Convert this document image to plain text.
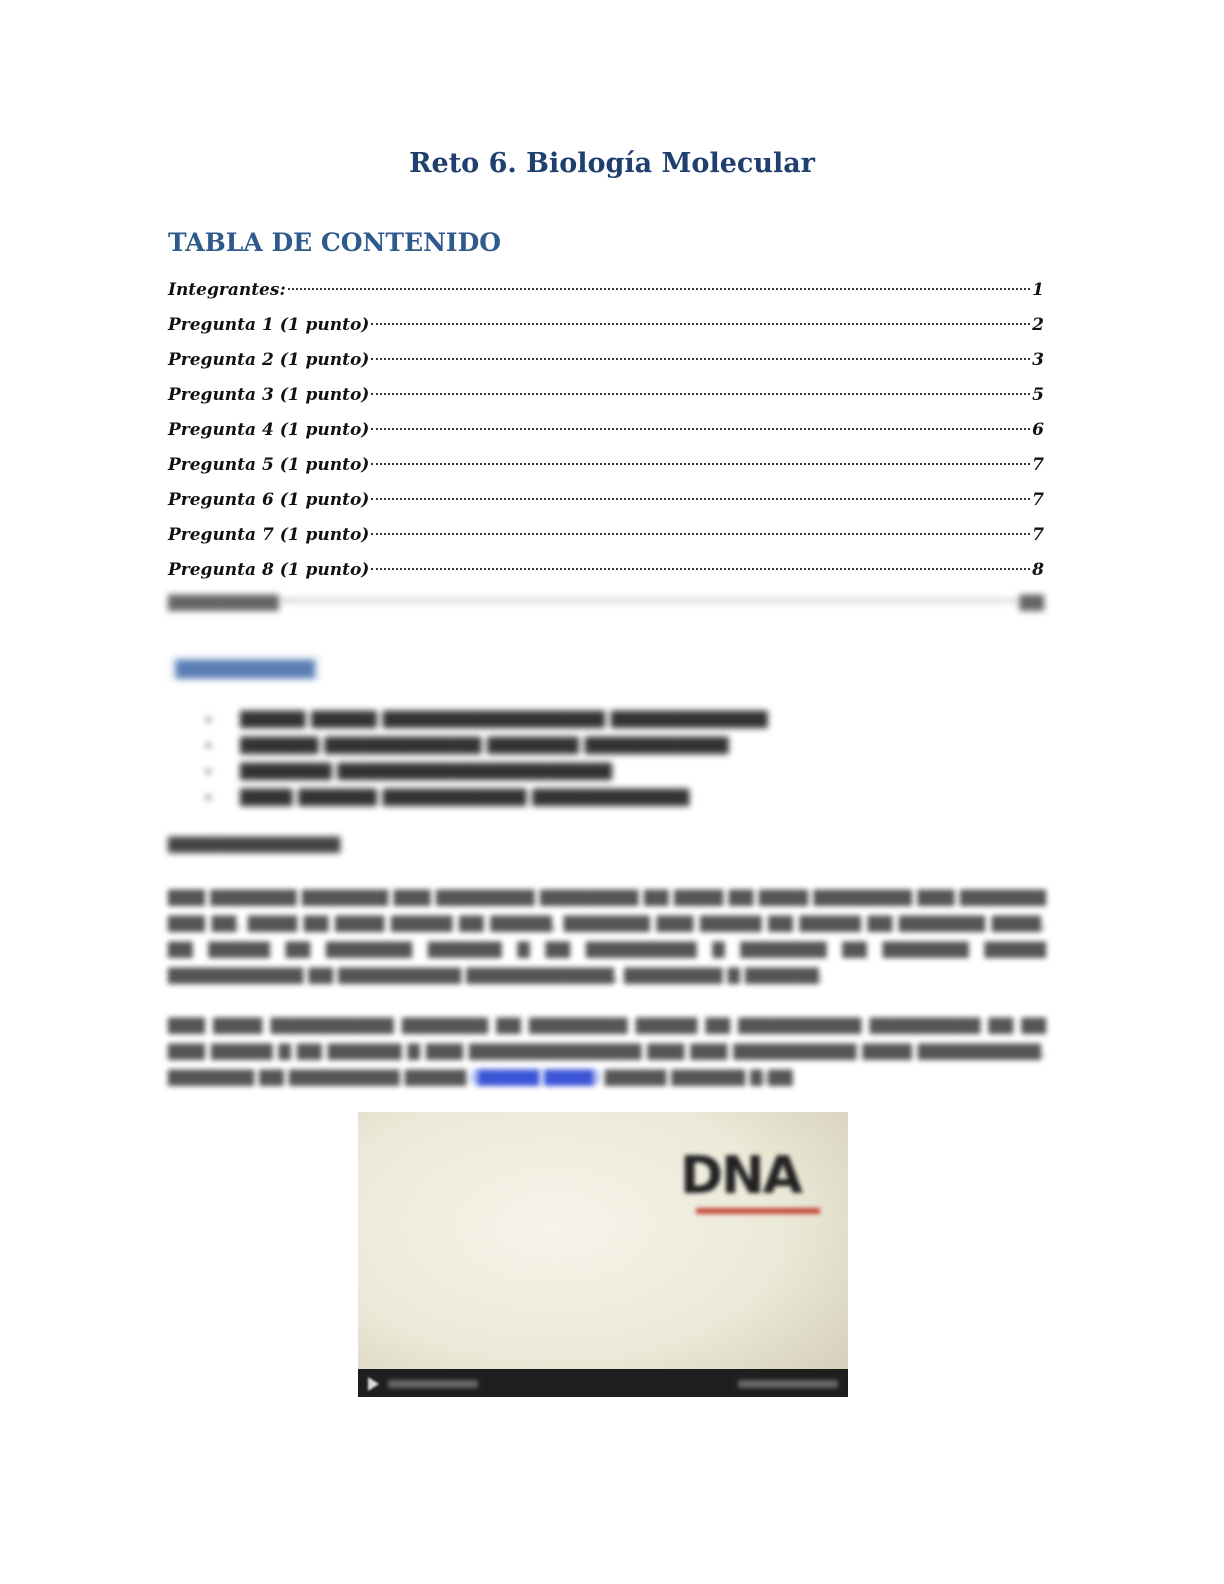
Reto 6. Biología Molecular
TABLA DE CONTENIDO
Integrantes:	1
Pregunta 1 (1 punto)	2
Pregunta 2 (1 punto)	3
Pregunta 3 (1 punto)	5
Pregunta 4 (1 punto)	6
Pregunta 5 (1 punto)	7
Pregunta 6 (1 punto)	7
Pregunta 7 (1 punto)	7
Pregunta 8 (1 punto)	8
▇▇▇▇▇▇▇▇▇	▇▇
▇▇▇▇▇▇▇▇▇▇
▇▇▇▇▇ ▇▇▇▇▇ ▇▇▇▇▇▇▇▇▇▇▇▇▇▇▇▇▇ ▇▇▇▇▇▇▇▇▇▇▇▇
▇▇▇▇▇▇ ▇▇▇▇▇▇▇▇▇▇▇▇ ▇▇▇▇▇▇▇ ▇▇▇▇▇▇▇▇▇▇▇
▇▇▇▇▇▇▇ ▇▇▇▇▇▇▇▇▇▇▇▇▇▇▇▇▇▇▇▇▇
▇▇▇▇ ▇▇▇▇▇▇ ▇▇▇▇▇▇▇▇▇▇▇ ▇▇▇▇▇▇▇▇▇▇▇▇
▇▇▇▇▇▇▇▇▇▇▇▇▇▇

▇▇▇ ▇▇▇▇▇▇▇ ▇▇▇▇▇▇▇ ▇▇▇ ▇▇▇▇▇▇▇▇ ▇▇▇▇▇▇▇▇ ▇▇ ▇▇▇▇ ▇▇ ▇▇▇▇ ▇▇▇▇▇▇▇▇ ▇▇▇ ▇▇▇▇▇▇▇ ▇▇▇ ▇▇. ▇▇▇▇ ▇▇ ▇▇▇▇ ▇▇▇▇▇ ▇▇ ▇▇▇▇▇, ▇▇▇▇▇▇▇ ▇▇▇ ▇▇▇▇▇ ▇▇ ▇▇▇▇▇ ▇▇ ▇▇▇▇▇▇▇ ▇▇▇▇, ▇▇ ▇▇▇▇▇ ▇▇ ▇▇▇▇▇▇▇ ▇▇▇▇▇▇ ▇ ▇▇ ▇▇▇▇▇▇▇▇▇ ▇ ▇▇▇▇▇▇▇ ▇▇ ▇▇▇▇▇▇▇ ▇▇▇▇▇ ▇▇▇▇▇▇▇▇▇▇▇ ▇▇ ▇▇▇▇▇▇▇▇▇▇ ▇▇▇▇▇▇▇▇▇▇▇▇, ▇▇▇▇▇▇▇▇ ▇ ▇▇▇▇▇▇.

▇▇▇ ▇▇▇▇ ▇▇▇▇▇▇▇▇▇▇ ▇▇▇▇▇▇▇ ▇▇ ▇▇▇▇▇▇▇▇ ▇▇▇▇▇ ▇▇ ▇▇▇▇▇▇▇▇▇▇ ▇▇▇▇▇▇▇▇▇ ▇▇ ▇▇ ▇▇▇ ▇▇▇▇▇ ▇ ▇▇ ▇▇▇▇▇▇ ▇ ▇▇▇ ▇▇▇▇▇▇▇▇▇▇▇▇▇▇ ▇▇▇ ▇▇▇ ▇▇▇▇▇▇▇▇▇▇ ▇▇▇▇ ▇▇▇▇▇▇▇▇▇▇. ▇▇▇▇▇▇▇ ▇▇ ▇▇▇▇▇▇▇▇▇ ▇▇▇▇▇ (▇▇▇▇▇ ▇▇▇▇) ▇▇▇▇▇ ▇▇▇▇▇▇ ▇:▇▇

DNA
